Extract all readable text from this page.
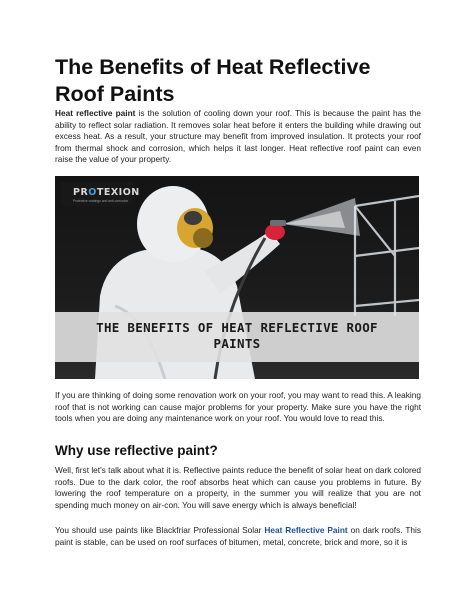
The Benefits of Heat Reflective Roof Paints

Heat reflective paint is the solution of cooling down your roof. This is because the paint has the ability to reflect solar radiation. It removes solar heat before it enters the building while drawing out excess heat. As a result, your structure may benefit from improved insulation. It protects your roof from thermal shock and corrosion, which helps it last longer. Heat reflective roof paint can even raise the value of your property.

PROTEXION
Protective coatings and anti-corrosion
THE BENEFITS OF HEAT REFLECTIVE ROOF
PAINTS

If you are thinking of doing some renovation work on your roof, you may want to read this. A leaking roof that is not working can cause major problems for your property. Make sure you have the right tools when you are doing any maintenance work on your roof. You would love to read this.

Why use reflective paint?

Well, first let's talk about what it is. Reflective paints reduce the benefit of solar heat on dark colored roofs. Due to the dark color, the roof absorbs heat which can cause you problems in future. By lowering the roof temperature on a property, in the summer you will realize that you are not spending much money on air-con. You will save energy which is always beneficial!

You should use paints like Blackfriar Professional Solar Heat Reflective Paint on dark roofs. This paint is stable, can be used on roof surfaces of bitumen, metal, concrete, brick and more, so it is
